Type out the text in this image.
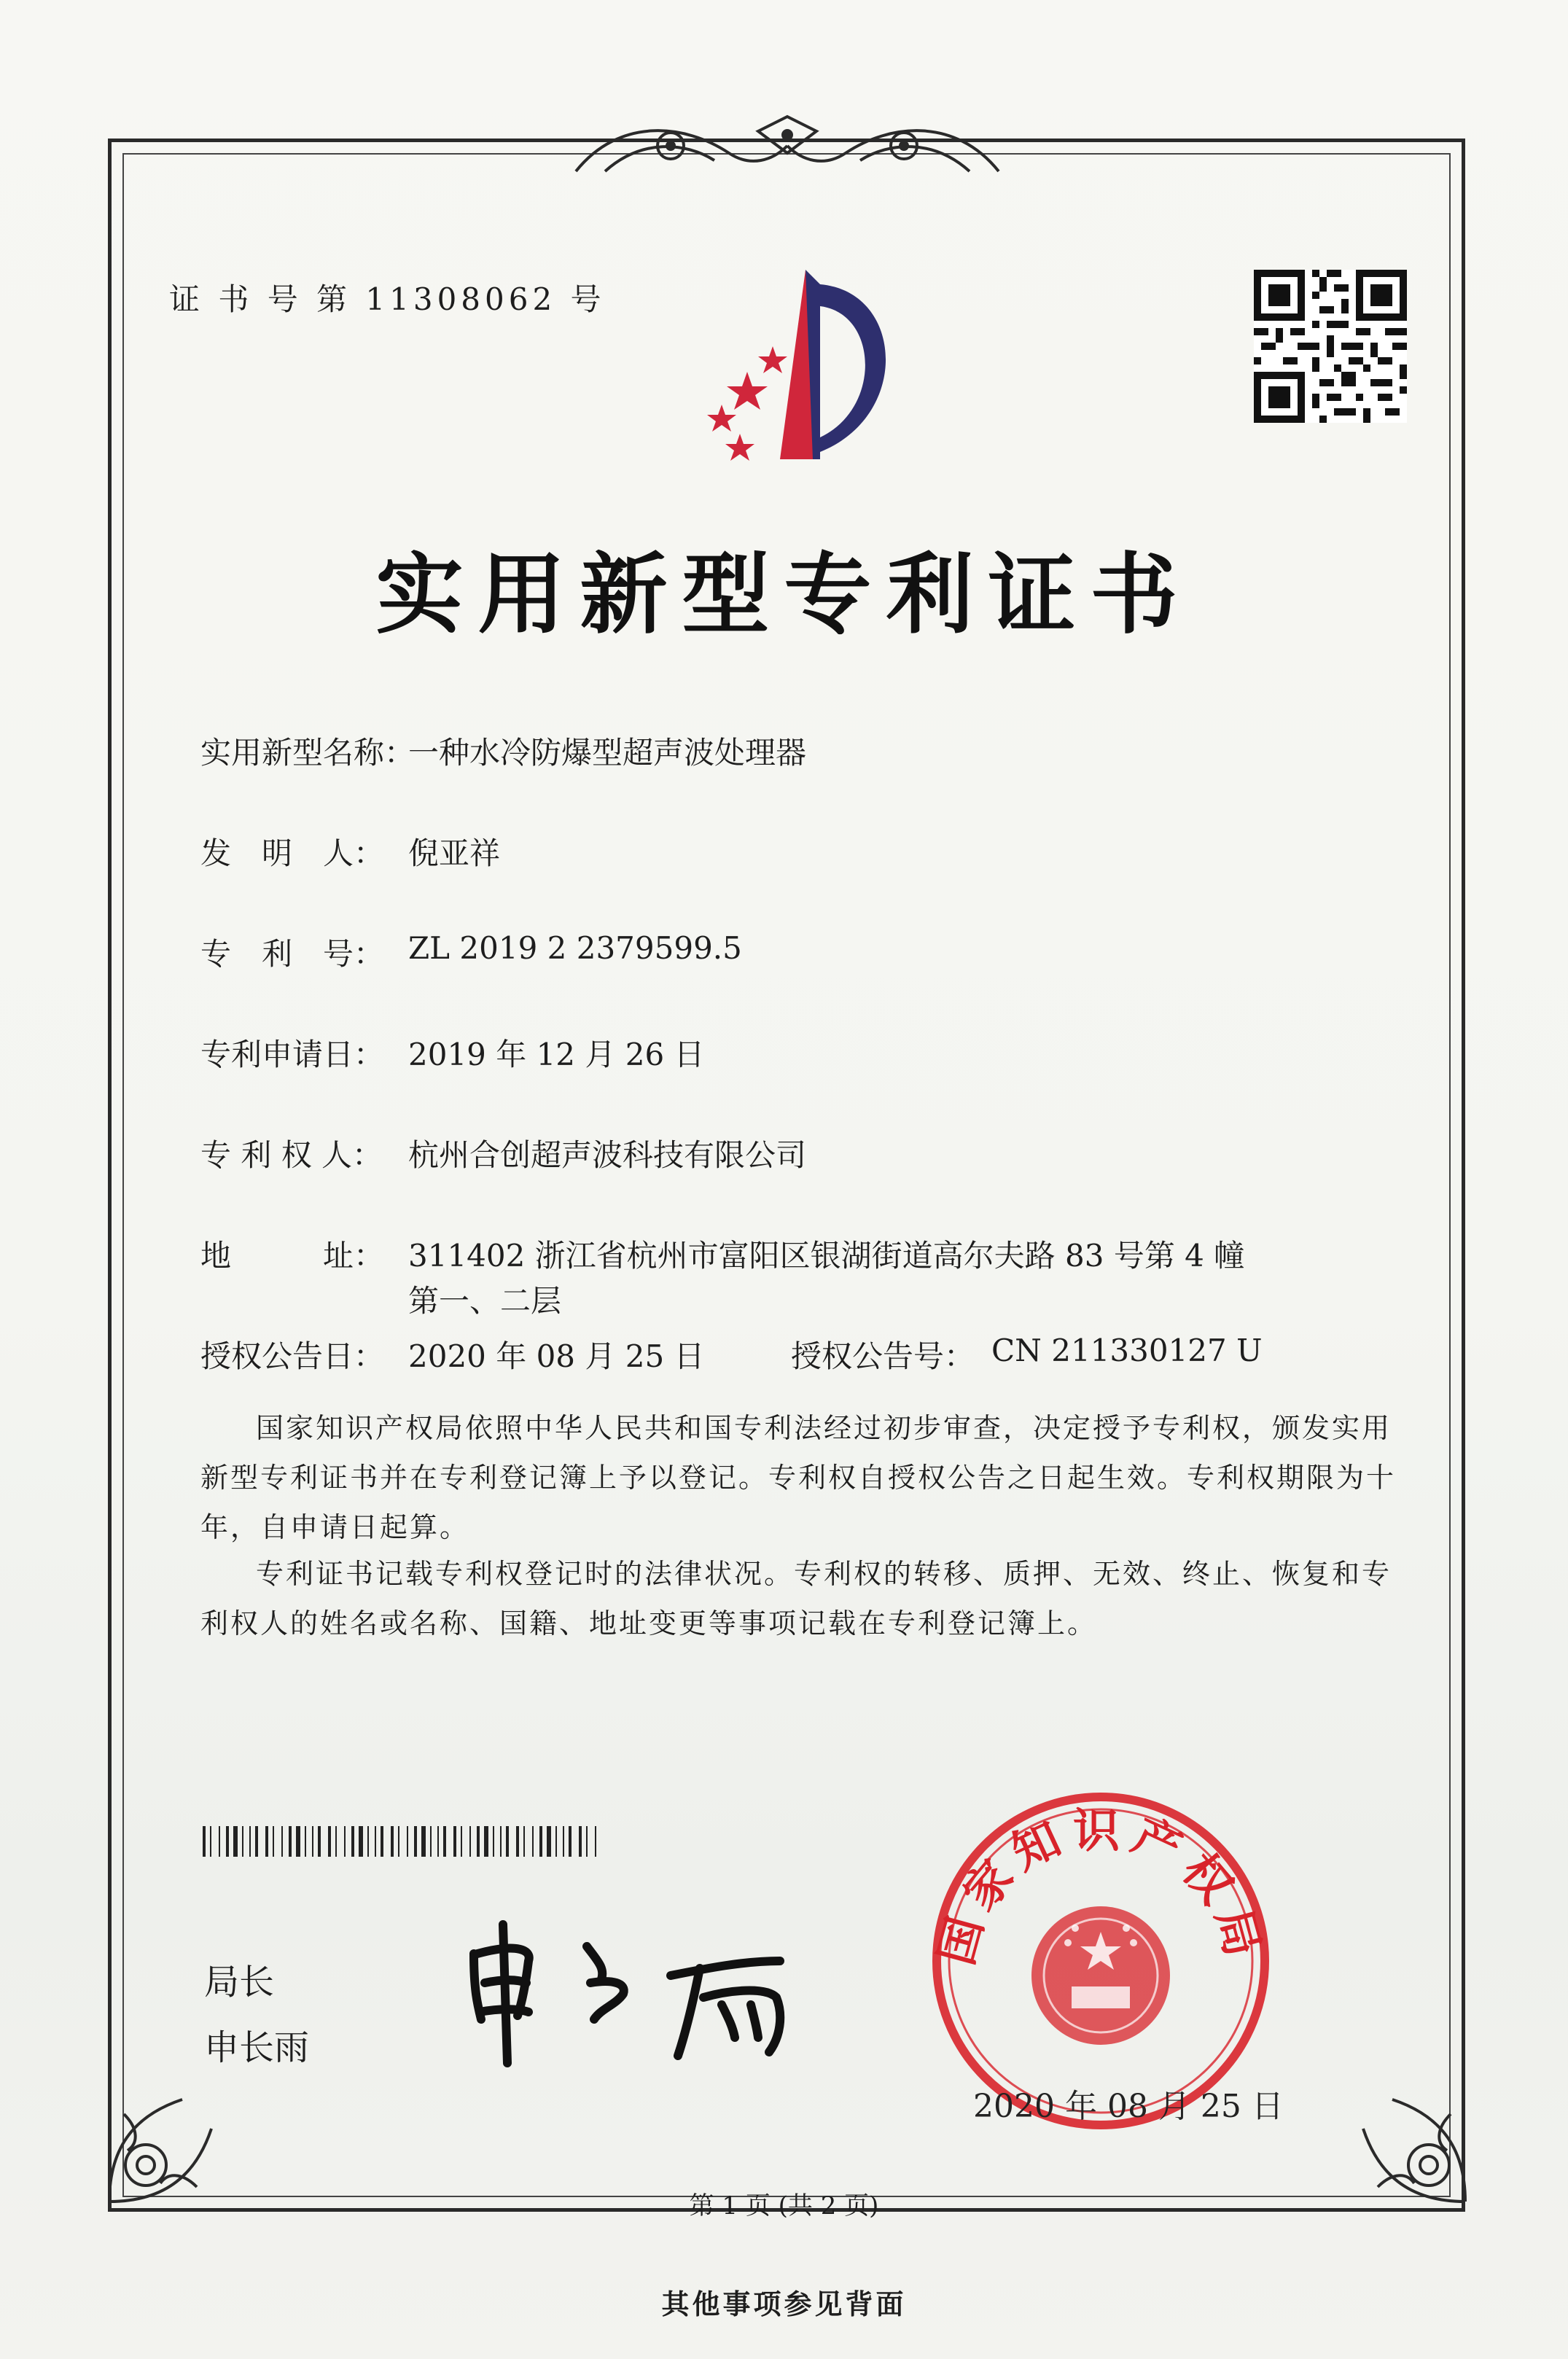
证 书 号 第 11308062 号
实用新型专利证书
实用新型名称：
一种水冷防爆型超声波处理器
发　明　人： 倪亚祥
专　利　号： ZL 2019 2 2379599.5
专利申请日： 2019 年 12 月 26 日
专 利 权 人： 杭州合创超声波科技有限公司
地　　　址： 311402 浙江省杭州市富阳区银湖街道高尔夫路 83 号第 4 幢
第一、二层
授权公告日： 2020 年 08 月 25 日	授权公告号： CN 211330127 U
国家知识产权局依照中华人民共和国专利法经过初步审查，决定授予专利权，颁发实用新型专利证书并在专利登记簿上予以登记。专利权自授权公告之日起生效。专利权期限为十年，自申请日起算。
专利证书记载专利权登记时的法律状况。专利权的转移、质押、无效、终止、恢复和专利权人的姓名或名称、国籍、地址变更等事项记载在专利登记簿上。
局长
申长雨
国家知识产权局
2020 年 08 月 25 日
第 1 页 (共 2 页)
其他事项参见背面
